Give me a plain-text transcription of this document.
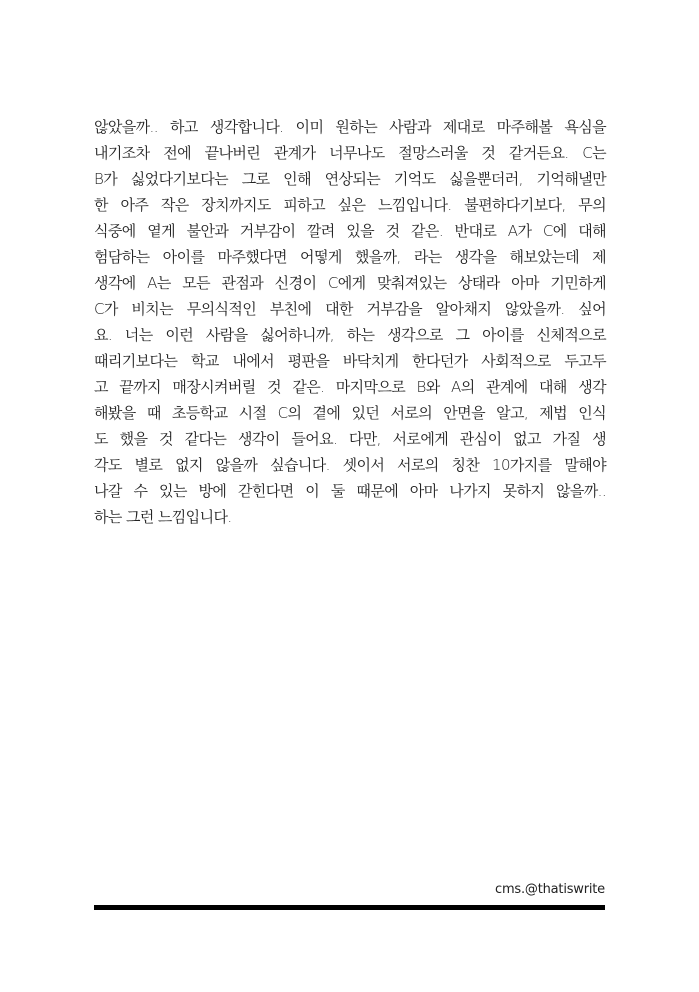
않았을까.. 하고 생각합니다. 이미 원하는 사람과 제대로 마주해볼 욕심을
내기조차 전에 끝나버린 관계가 너무나도 절망스러울 것 같거든요. C는
B가 싫었다기보다는 그로 인해 연상되는 기억도 싫을뿐더러, 기억해낼만
한 아주 작은 장치까지도 피하고 싶은 느낌입니다. 불편하다기보다, 무의
식중에 옅게 불안과 거부감이 깔려 있을 것 같은. 반대로 A가 C에 대해
험담하는 아이를 마주했다면 어떻게 했을까, 라는 생각을 해보았는데 제
생각에 A는 모든 관점과 신경이 C에게 맞춰져있는 상태라 아마 기민하게
C가 비치는 무의식적인 부친에 대한 거부감을 알아채지 않았을까. 싶어
요. 너는 이런 사람을 싫어하니까, 하는 생각으로 그 아이를 신체적으로
때리기보다는 학교 내에서 평판을 바닥치게 한다던가 사회적으로 두고두
고 끝까지 매장시켜버릴 것 같은. 마지막으로 B와 A의 관계에 대해 생각
해봤을 때 초등학교 시절 C의 곁에 있던 서로의 안면을 알고, 제법 인식
도 했을 것 같다는 생각이 들어요. 다만, 서로에게 관심이 없고 가질 생
각도 별로 없지 않을까 싶습니다. 셋이서 서로의 칭찬 10가지를 말해야
나갈 수 있는 방에 갇힌다면 이 둘 때문에 아마 나가지 못하지 않을까..
하는 그런 느낌입니다.
cms.@thatiswrite
